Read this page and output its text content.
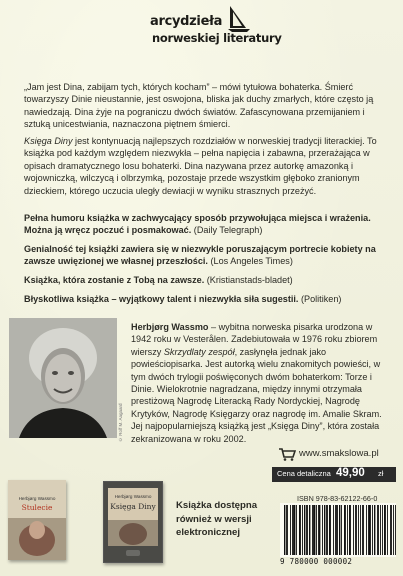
arcydzieła
norweskiej literatury
„Jam jest Dina, zabijam tych, których kocham” – mówi tytułowa bohaterka. Śmierć towarzyszy Dinie nieustannie, jest oswojona, bliska jak duchy zmarłych, które często ją nawiedzają. Dina żyje na pograniczu dwóch światów. Zafascynowana przemijaniem i sztuką unicestwiania, naznaczona piętnem śmierci.
Księga Diny jest kontynuacją najlepszych rozdziałów w norweskiej tradycji literackiej. To książka pod każdym względem niezwykła – pełna napięcia i zabawna, przerażająca w opisach dramatycznego losu bohaterki. Dina nazywana przez autorkę amazonką i wojowniczką, wilczycą i olbrzymką, pozostaje przede wszystkim głęboko zranionym dzieckiem, którego uczucia uległy dewiacji w wyniku strasznych przeżyć.
Pełna humoru książka w zachwycający sposób przywołująca miejsca i wrażenia. Można ją wręcz poczuć i posmakować. (Daily Telegraph)
Genialność tej książki zawiera się w niezwykle poruszającym portrecie kobiety na zawsze uwięzionej we własnej przeszłości. (Los Angeles Times)
Książka, która zostanie z Tobą na zawsze. (Kristianstads-bladet)
Błyskotliwa książka – wyjątkowy talent i niezwykła siła sugestii. (Politiken)
© Rolf M. Aagaard
Herbjørg Wassmo – wybitna norweska pisarka urodzona w 1942 roku w Vesterålen. Zadebiutowała w 1976 roku zbiorem wierszy Skrzydlaty zespół, zasłynęła jednak jako powieściopisarka. Jest autorką wielu znakomitych powieści, w tym dwóch trylogii poświęconych dwóm bohaterkom: Torze i Dinie. Wielokrotnie nagradzana, między innymi otrzymała prestiżową Nagrodę Literacką Rady Nordyckiej, Nagrodę Krytyków, Nagrodę Księgarzy oraz nagrodę im. Amalie Skram. Jej najpopularniejszą książką jest „Księga Diny”, która została zekranizowana w roku 2002.
www.smakslowa.pl
Cena detaliczna 49,90 zł
Herbjørg Wassmo
Stulecie
Herbjørg Wassmo
Księga Diny	Książka dostępna również w wersji elektronicznej
ISBN 978-83-62122-66-0
9 780000 000002
